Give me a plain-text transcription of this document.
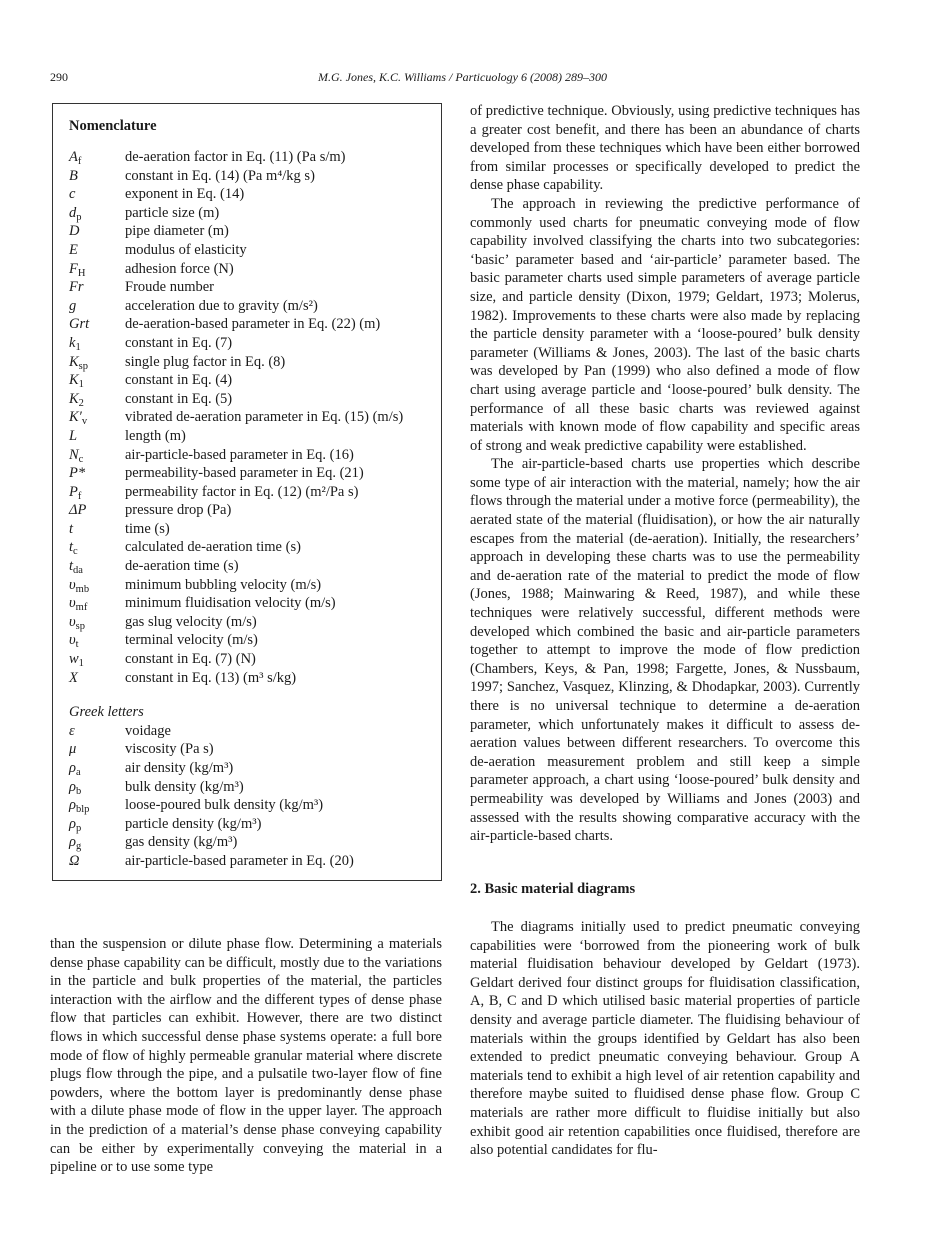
290	M.G. Jones, K.C. Williams / Particuology 6 (2008) 289–300
Nomenclature
$A_f$	de-aeration factor in Eq. (11) (Pa s/m)
B	constant in Eq. (14) (Pa m⁴/kg s)
c	exponent in Eq. (14)
$d_p$	particle size (m)
D	pipe diameter (m)
E	modulus of elasticity
$F_H$	adhesion force (N)
Fr	Froude number
g	acceleration due to gravity (m/s²)
Grt de-aeration-based parameter in Eq. (22) (m)
$k_1$	constant in Eq. (7)
$K_{sp}$	single plug factor in Eq. (8)
$K_1$	constant in Eq. (4)
$K_2$	constant in Eq. (5)
$K'_v$	vibrated de-aeration parameter in Eq. (15) (m/s)
L	length (m)
$N_c$	air-particle-based parameter in Eq. (16)
P*	permeability-based parameter in Eq. (21)
$P_f$	permeability factor in Eq. (12) (m²/Pa s)
ΔP	pressure drop (Pa)
t	time (s)
$t_c$	calculated de-aeration time (s)
$t_{da}$	de-aeration time (s)
$\upsilon_{mb}$ minimum bubbling velocity (m/s)
$\upsilon_{mf}$	minimum fluidisation velocity (m/s)
$\upsilon_{sp}$	gas slug velocity (m/s)
$\upsilon_t$	terminal velocity (m/s)
$w_1$	constant in Eq. (7) (N)
X	constant in Eq. (13) (m³ s/kg)
Greek letters
ε	voidage
μ	viscosity (Pa s)
$\rho_a$	air density (kg/m³)
$\rho_b$	bulk density (kg/m³)
$\rho_{blp}$ loose-poured bulk density (kg/m³)
$\rho_p$	particle density (kg/m³)
$\rho_g$	gas density (kg/m³)
Ω	air-particle-based parameter in Eq. (20)

than the suspension or dilute phase flow. Determining a materials dense phase capability can be difficult, mostly due to the variations in the particle and bulk properties of the material, the particles interaction with the airflow and the different types of dense phase flow that particles can exhibit. However, there are two distinct flows in which successful dense phase systems operate: a full bore mode of flow of highly permeable granular material where discrete plugs flow through the pipe, and a pulsatile two-layer flow of fine powders, where the bottom layer is predominantly dense phase with a dilute phase mode of flow in the upper layer. The approach in the prediction of a material’s dense phase conveying capability can be either by experimentally conveying the material in a pipeline or to use some type

of predictive technique. Obviously, using predictive techniques has a greater cost benefit, and there has been an abundance of charts developed from these techniques which have been either borrowed from similar processes or specifically developed to predict the dense phase capability.

The approach in reviewing the predictive performance of commonly used charts for pneumatic conveying mode of flow capability involved classifying the charts into two subcategories: ‘basic’ parameter based and ‘air-particle’ parameter based. The basic parameter charts used simple parameters of average particle size, and particle density (Dixon, 1979; Geldart, 1973; Molerus, 1982). Improvements to these charts were also made by replacing the particle density parameter with a ‘loose-poured’ bulk density parameter (Williams & Jones, 2003). The last of the basic charts was developed by Pan (1999) who also defined a mode of flow chart using average particle and ‘loose-poured’ bulk density. The performance of all these basic charts was reviewed against materials with known mode of flow capability and specific areas of strong and weak predictive capability were established.

The air-particle-based charts use properties which describe some type of air interaction with the material, namely; how the air flows through the material under a motive force (permeability), the aerated state of the material (fluidisation), or how the air naturally escapes from the material (de-aeration). Initially, the researchers’ approach in developing these charts was to use the permeability and de-aeration rate of the material to predict the mode of flow (Jones, 1988; Mainwaring & Reed, 1987), and while these techniques were relatively successful, different methods were developed which combined the basic and air-particle parameters together to attempt to improve the mode of flow prediction (Chambers, Keys, & Pan, 1998; Fargette, Jones, & Nussbaum, 1997; Sanchez, Vasquez, Klinzing, & Dhodapkar, 2003). Currently there is no universal technique to determine a de-aeration parameter, which unfortunately makes it difficult to assess de-aeration values between different researchers. To overcome this de-aeration measurement problem and still keep a simple parameter approach, a chart using ‘loose-poured’ bulk density and permeability was developed by Williams and Jones (2003) and assessed with the results showing comparative accuracy with the air-particle-based charts.

2. Basic material diagrams

The diagrams initially used to predict pneumatic conveying capabilities were ‘borrowed from the pioneering work of bulk material fluidisation behaviour developed by Geldart (1973). Geldart derived four distinct groups for fluidisation classification, A, B, C and D which utilised basic material properties of particle density and average particle diameter. The fluidising behaviour of materials within the groups identified by Geldart has also been extended to predict pneumatic conveying behaviour. Group A materials tend to exhibit a high level of air retention capability and therefore maybe suited to fluidised dense phase flow. Group C materials are rather more difficult to fluidise initially but also exhibit good air retention capabilities once fluidised, therefore are also potential candidates for flu-
